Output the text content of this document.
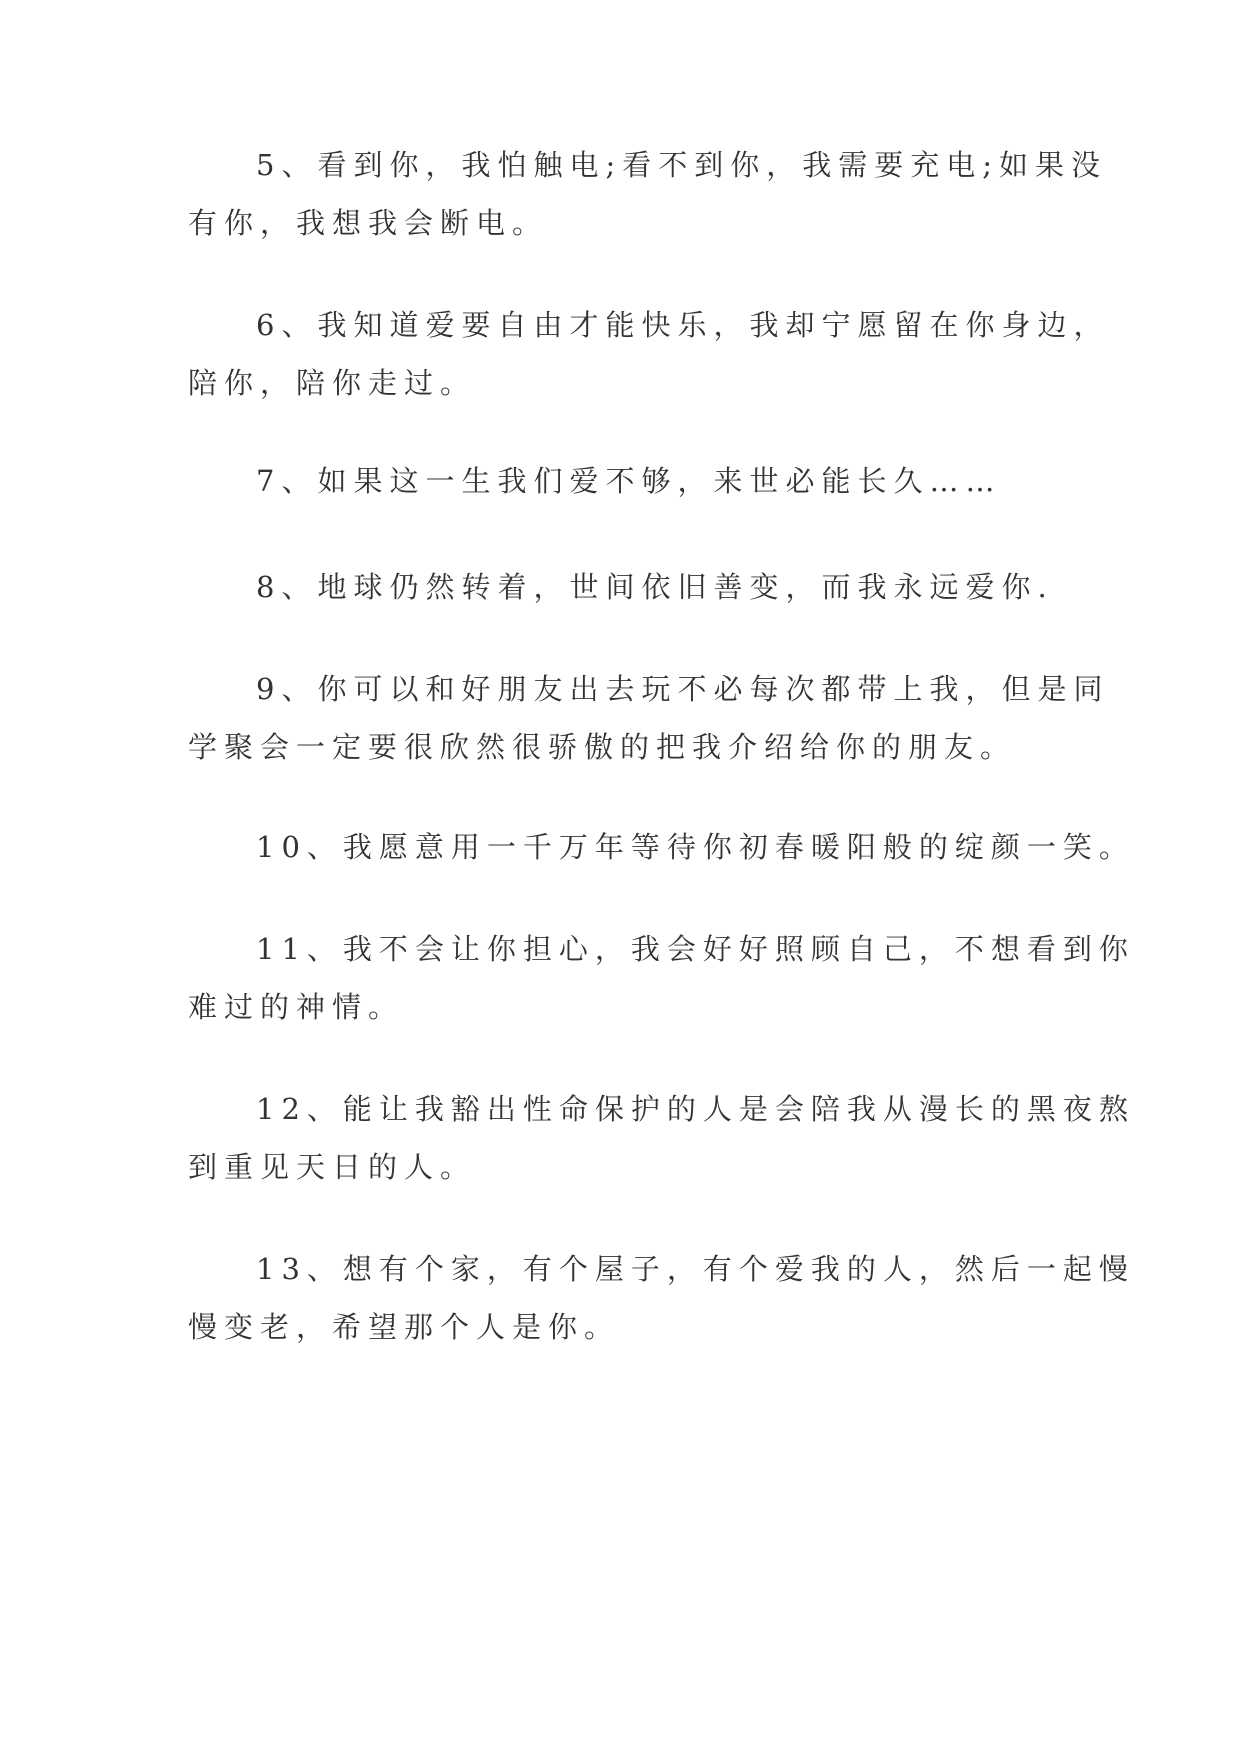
5、看到你，我怕触电;看不到你，我需要充电;如果没
有你，我想我会断电。
6、我知道爱要自由才能快乐，我却宁愿留在你身边，
陪你，陪你走过。
7、如果这一生我们爱不够，来世必能长久……
8、地球仍然转着，世间依旧善变，而我永远爱你.
9、你可以和好朋友出去玩不必每次都带上我，但是同
学聚会一定要很欣然很骄傲的把我介绍给你的朋友。
10、我愿意用一千万年等待你初春暖阳般的绽颜一笑。
11、我不会让你担心，我会好好照顾自己，不想看到你
难过的神情。
12、能让我豁出性命保护的人是会陪我从漫长的黑夜熬
到重见天日的人。
13、想有个家，有个屋子，有个爱我的人，然后一起慢
慢变老，希望那个人是你。
